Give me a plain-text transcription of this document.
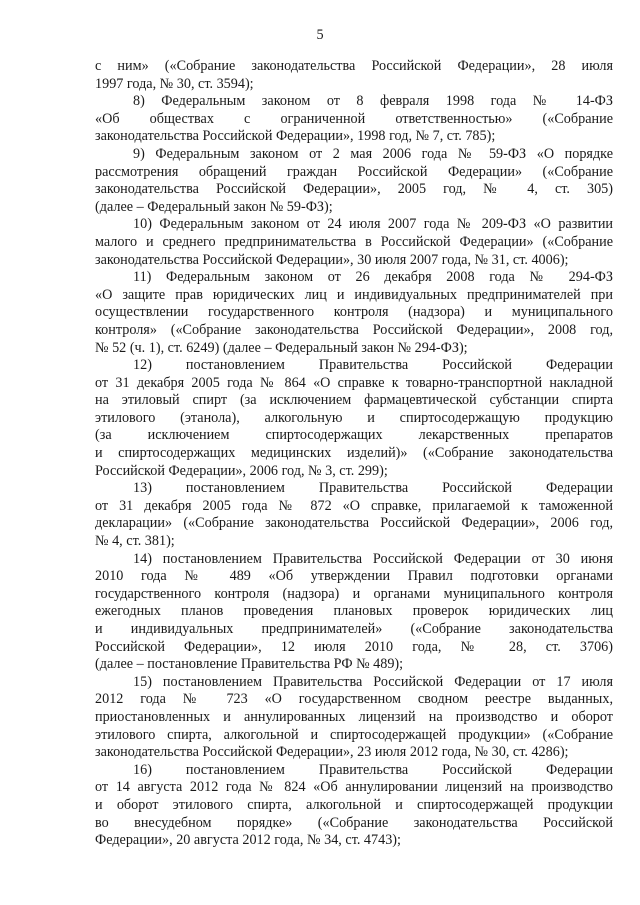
5
с ним» («Собрание законодательства Российской Федерации», 28 июля
1997 года, № 30, ст. 3594);
8) Федеральным законом от 8 февраля 1998 года № 14-ФЗ
«Об обществах с ограниченной ответственностью» («Собрание
законодательства Российской Федерации», 1998 год, № 7, ст. 785);
9) Федеральным законом от 2 мая 2006 года № 59-ФЗ «О порядке
рассмотрения обращений граждан Российской Федерации» («Собрание
законодательства Российской Федерации», 2005 год, № 4, ст. 305)
(далее – Федеральный закон № 59-ФЗ);
10) Федеральным законом от 24 июля 2007 года № 209-ФЗ «О развитии
малого и среднего предпринимательства в Российской Федерации» («Собрание
законодательства Российской Федерации», 30 июля 2007 года, № 31, ст. 4006);
11) Федеральным законом от 26 декабря 2008 года № 294-ФЗ
«О защите прав юридических лиц и индивидуальных предпринимателей при
осуществлении государственного контроля (надзора) и муниципального
контроля» («Собрание законодательства Российской Федерации», 2008 год,
№ 52 (ч. 1), ст. 6249) (далее – Федеральный закон № 294-ФЗ);
12) постановлением Правительства Российской Федерации
от 31 декабря 2005 года № 864 «О справке к товарно-транспортной накладной
на этиловый спирт (за исключением фармацевтической субстанции спирта
этилового (этанола), алкогольную и спиртосодержащую продукцию
(за исключением спиртосодержащих лекарственных препаратов
и спиртосодержащих медицинских изделий)» («Собрание законодательства
Российской Федерации», 2006 год, № 3, ст. 299);
13) постановлением Правительства Российской Федерации
от 31 декабря 2005 года № 872 «О справке, прилагаемой к таможенной
декларации» («Собрание законодательства Российской Федерации», 2006 год,
№ 4, ст. 381);
14) постановлением Правительства Российской Федерации от 30 июня
2010 года № 489 «Об утверждении Правил подготовки органами
государственного контроля (надзора) и органами муниципального контроля
ежегодных планов проведения плановых проверок юридических лиц
и индивидуальных предпринимателей» («Собрание законодательства
Российской Федерации», 12 июля 2010 года, № 28, ст. 3706)
(далее – постановление Правительства РФ № 489);
15) постановлением Правительства Российской Федерации от 17 июля
2012 года № 723 «О государственном сводном реестре выданных,
приостановленных и аннулированных лицензий на производство и оборот
этилового спирта, алкогольной и спиртосодержащей продукции» («Собрание
законодательства Российской Федерации», 23 июля 2012 года, № 30, ст. 4286);
16) постановлением Правительства Российской Федерации
от 14 августа 2012 года № 824 «Об аннулировании лицензий на производство
и оборот этилового спирта, алкогольной и спиртосодержащей продукции
во внесудебном порядке» («Собрание законодательства Российской
Федерации», 20 августа 2012 года, № 34, ст. 4743);
